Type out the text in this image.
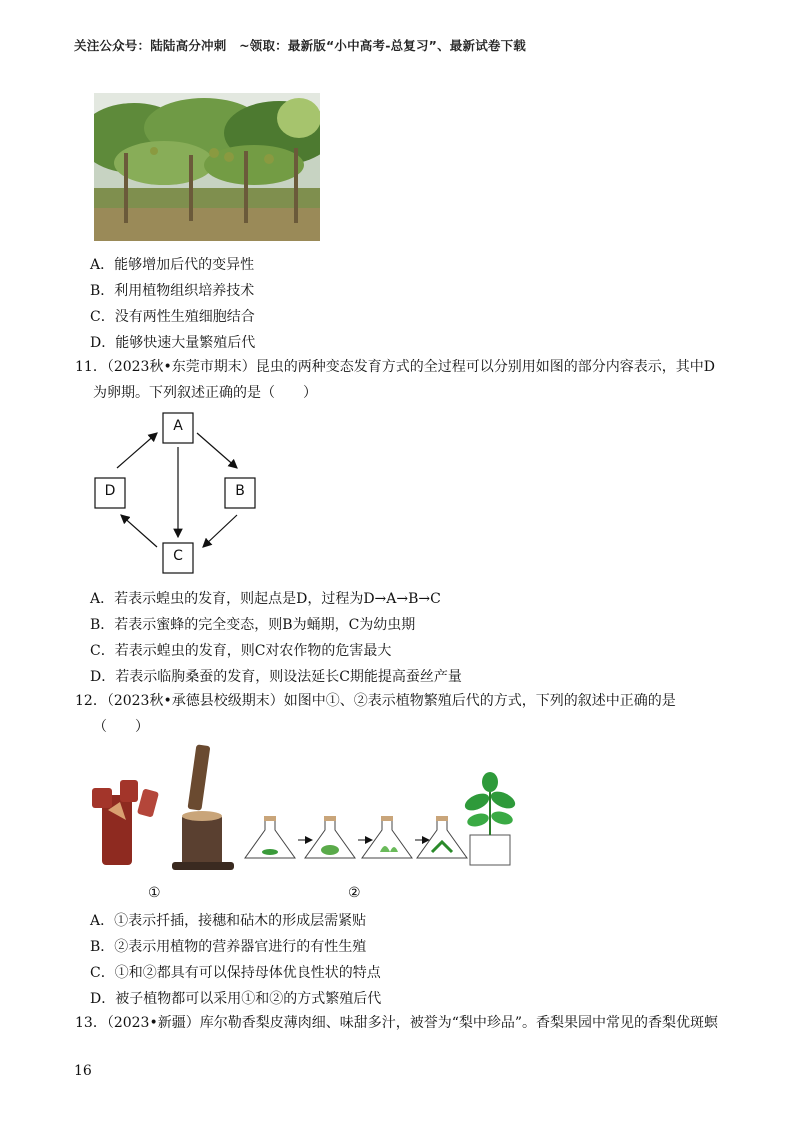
关注公众号：陆陆高分冲刺　~领取：最新版“小中高考-总复习”、最新试卷下载
A．能够增加后代的变异性
B．利用植物组织培养技术
C．没有两性生殖细胞结合
D．能够快速大量繁殖后代
11．（2023秋•东莞市期末）昆虫的两种变态发育方式的全过程可以分别用如图的部分内容表示，其中D
为卵期。下列叙述正确的是（　　）
A
B
C
D
A．若表示蝗虫的发育，则起点是D，过程为D→A→B→C
B．若表示蜜蜂的完全变态，则B为蛹期，C为幼虫期
C．若表示蝗虫的发育，则C对农作物的危害最大
D．若表示临朐桑蚕的发育，则设法延长C期能提高蚕丝产量
12．（2023秋•承德县校级期末）如图中①、②表示植物繁殖后代的方式，下列的叙述中正确的是
（　　）
①	②
A．①表示扦插，接穗和砧木的形成层需紧贴
B．②表示用植物的营养器官进行的有性生殖
C．①和②都具有可以保持母体优良性状的特点
D．被子植物都可以采用①和②的方式繁殖后代
13．（2023•新疆）库尔勒香梨皮薄肉细、味甜多汁，被誉为“梨中珍品”。香梨果园中常见的香梨优斑螟
16
